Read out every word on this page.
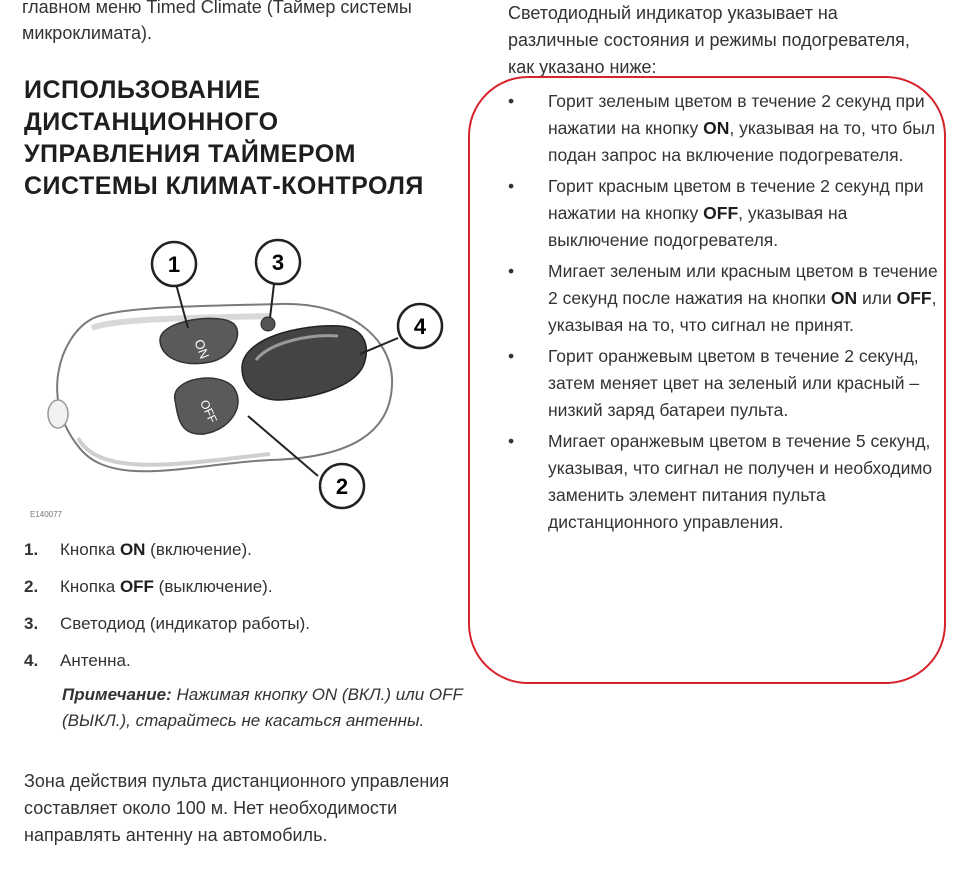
главном меню Timed Climate (Таймер системы микроклимата).
ИСПОЛЬЗОВАНИЕ ДИСТАНЦИОННОГО УПРАВЛЕНИЯ ТАЙМЕРОМ СИСТЕМЫ КЛИМАТ-КОНТРОЛЯ
Светодиодный индикатор указывает на различные состояния и режимы подогревателя, как указано ниже:
ON
OFF
1	3
4
2
E140077
1.	Кнопка ON (включение).
2.	Кнопка OFF (выключение).
3.	Светодиод (индикатор работы).
4.	Антенна.
Примечание: Нажимая кнопку ON (ВКЛ.) или OFF (ВЫКЛ.), старайтесь не касаться антенны.
Зона действия пульта дистанционного управления составляет около 100 м. Нет необходимости направлять антенну на автомобиль.
• Горит зеленым цветом в течение 2 секунд при нажатии на кнопку ON, указывая на то, что был подан запрос на включение подогревателя.
• Горит красным цветом в течение 2 секунд при нажатии на кнопку OFF, указывая на выключение подогревателя.
• Мигает зеленым или красным цветом в течение 2 секунд после нажатия на кнопки ON или OFF, указывая на то, что сигнал не принят.
• Горит оранжевым цветом в течение 2 секунд, затем меняет цвет на зеленый или красный – низкий заряд батареи пульта.
• Мигает оранжевым цветом в течение 5 секунд, указывая, что сигнал не получен и необходимо заменить элемент питания пульта дистанционного управления.
